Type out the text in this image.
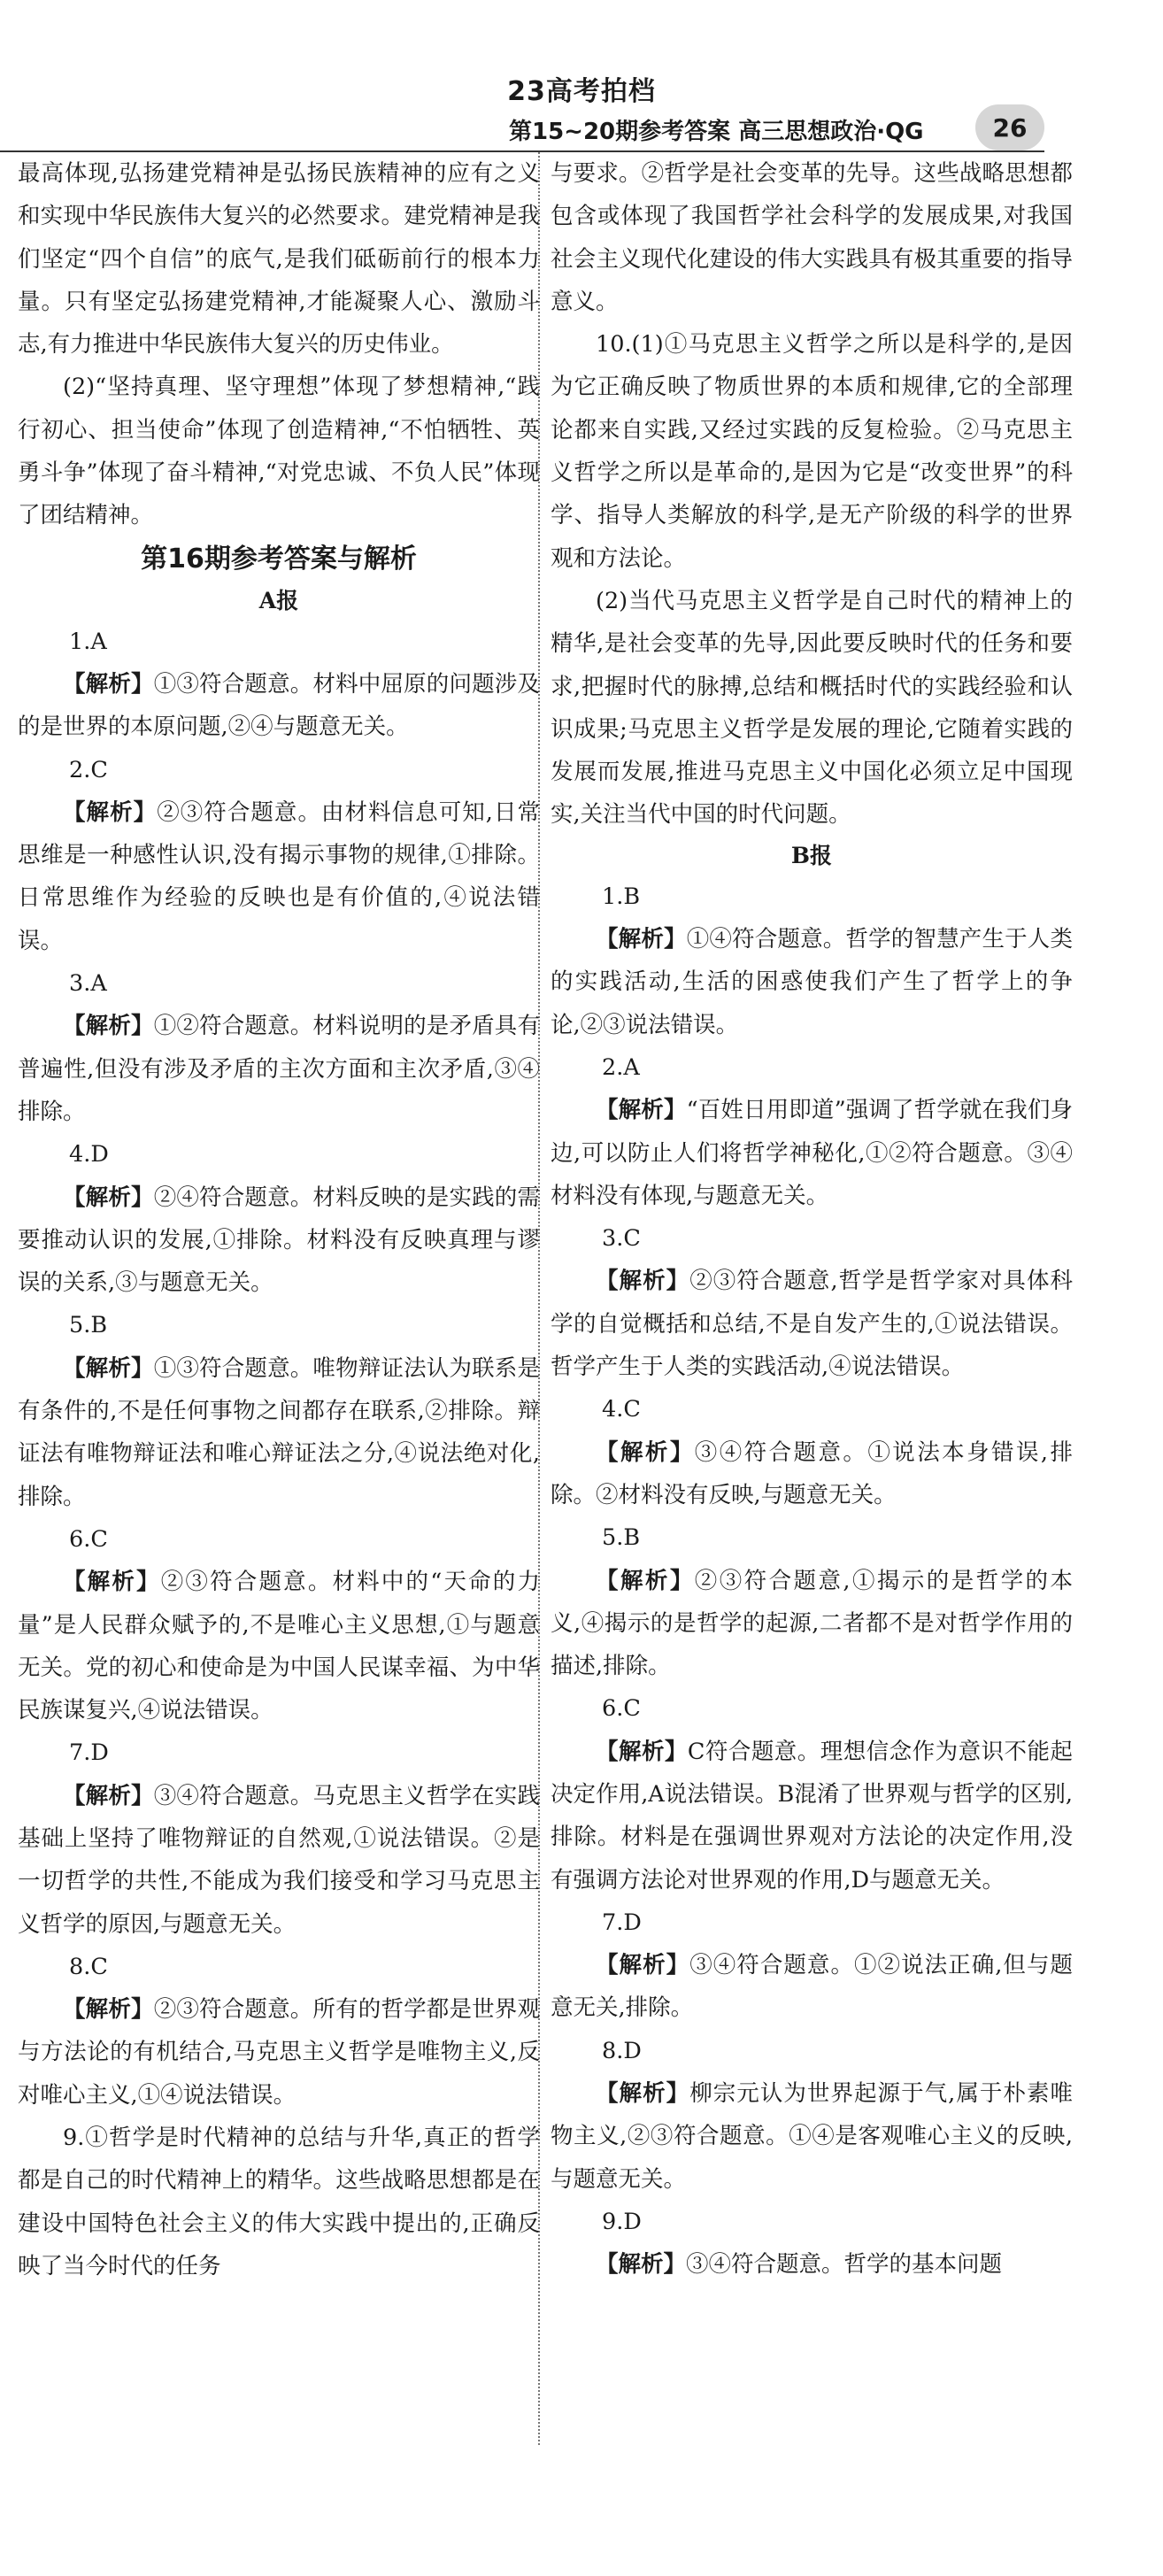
23高考拍档
第15~20期参考答案 高三思想政治·QG	26

最高体现,弘扬建党精神是弘扬民族精神的应有之义和实现中华民族伟大复兴的必然要求。建党精神是我们坚定“四个自信”的底气,是我们砥砺前行的根本力量。只有坚定弘扬建党精神,才能凝聚人心、激励斗志,有力推进中华民族伟大复兴的历史伟业。

(2)“坚持真理、坚守理想”体现了梦想精神,“践行初心、担当使命”体现了创造精神,“不怕牺牲、英勇斗争”体现了奋斗精神,“对党忠诚、不负人民”体现了团结精神。

第16期参考答案与解析
A报

1.A

【解析】①③符合题意。材料中屈原的问题涉及的是世界的本原问题,②④与题意无关。

2.C

【解析】②③符合题意。由材料信息可知,日常思维是一种感性认识,没有揭示事物的规律,①排除。日常思维作为经验的反映也是有价值的,④说法错误。

3.A

【解析】①②符合题意。材料说明的是矛盾具有普遍性,但没有涉及矛盾的主次方面和主次矛盾,③④排除。

4.D

【解析】②④符合题意。材料反映的是实践的需要推动认识的发展,①排除。材料没有反映真理与谬误的关系,③与题意无关。

5.B

【解析】①③符合题意。唯物辩证法认为联系是有条件的,不是任何事物之间都存在联系,②排除。辩证法有唯物辩证法和唯心辩证法之分,④说法绝对化,排除。

6.C

【解析】②③符合题意。材料中的“天命的力量”是人民群众赋予的,不是唯心主义思想,①与题意无关。党的初心和使命是为中国人民谋幸福、为中华民族谋复兴,④说法错误。

7.D

【解析】③④符合题意。马克思主义哲学在实践基础上坚持了唯物辩证的自然观,①说法错误。②是一切哲学的共性,不能成为我们接受和学习马克思主义哲学的原因,与题意无关。

8.C

【解析】②③符合题意。所有的哲学都是世界观与方法论的有机结合,马克思主义哲学是唯物主义,反对唯心主义,①④说法错误。

9.①哲学是时代精神的总结与升华,真正的哲学都是自己的时代精神上的精华。这些战略思想都是在建设中国特色社会主义的伟大实践中提出的,正确反映了当今时代的任务

与要求。②哲学是社会变革的先导。这些战略思想都包含或体现了我国哲学社会科学的发展成果,对我国社会主义现代化建设的伟大实践具有极其重要的指导意义。

10.(1)①马克思主义哲学之所以是科学的,是因为它正确反映了物质世界的本质和规律,它的全部理论都来自实践,又经过实践的反复检验。②马克思主义哲学之所以是革命的,是因为它是“改变世界”的科学、指导人类解放的科学,是无产阶级的科学的世界观和方法论。

(2)当代马克思主义哲学是自己时代的精神上的精华,是社会变革的先导,因此要反映时代的任务和要求,把握时代的脉搏,总结和概括时代的实践经验和认识成果;马克思主义哲学是发展的理论,它随着实践的发展而发展,推进马克思主义中国化必须立足中国现实,关注当代中国的时代问题。

B报

1.B

【解析】①④符合题意。哲学的智慧产生于人类的实践活动,生活的困惑使我们产生了哲学上的争论,②③说法错误。

2.A

【解析】“百姓日用即道”强调了哲学就在我们身边,可以防止人们将哲学神秘化,①②符合题意。③④材料没有体现,与题意无关。

3.C

【解析】②③符合题意,哲学是哲学家对具体科学的自觉概括和总结,不是自发产生的,①说法错误。哲学产生于人类的实践活动,④说法错误。

4.C

【解析】③④符合题意。①说法本身错误,排除。②材料没有反映,与题意无关。

5.B

【解析】②③符合题意,①揭示的是哲学的本义,④揭示的是哲学的起源,二者都不是对哲学作用的描述,排除。

6.C

【解析】C符合题意。理想信念作为意识不能起决定作用,A说法错误。B混淆了世界观与哲学的区别,排除。材料是在强调世界观对方法论的决定作用,没有强调方法论对世界观的作用,D与题意无关。

7.D

【解析】③④符合题意。①②说法正确,但与题意无关,排除。

8.D

【解析】柳宗元认为世界起源于气,属于朴素唯物主义,②③符合题意。①④是客观唯心主义的反映,与题意无关。

9.D

【解析】③④符合题意。哲学的基本问题
